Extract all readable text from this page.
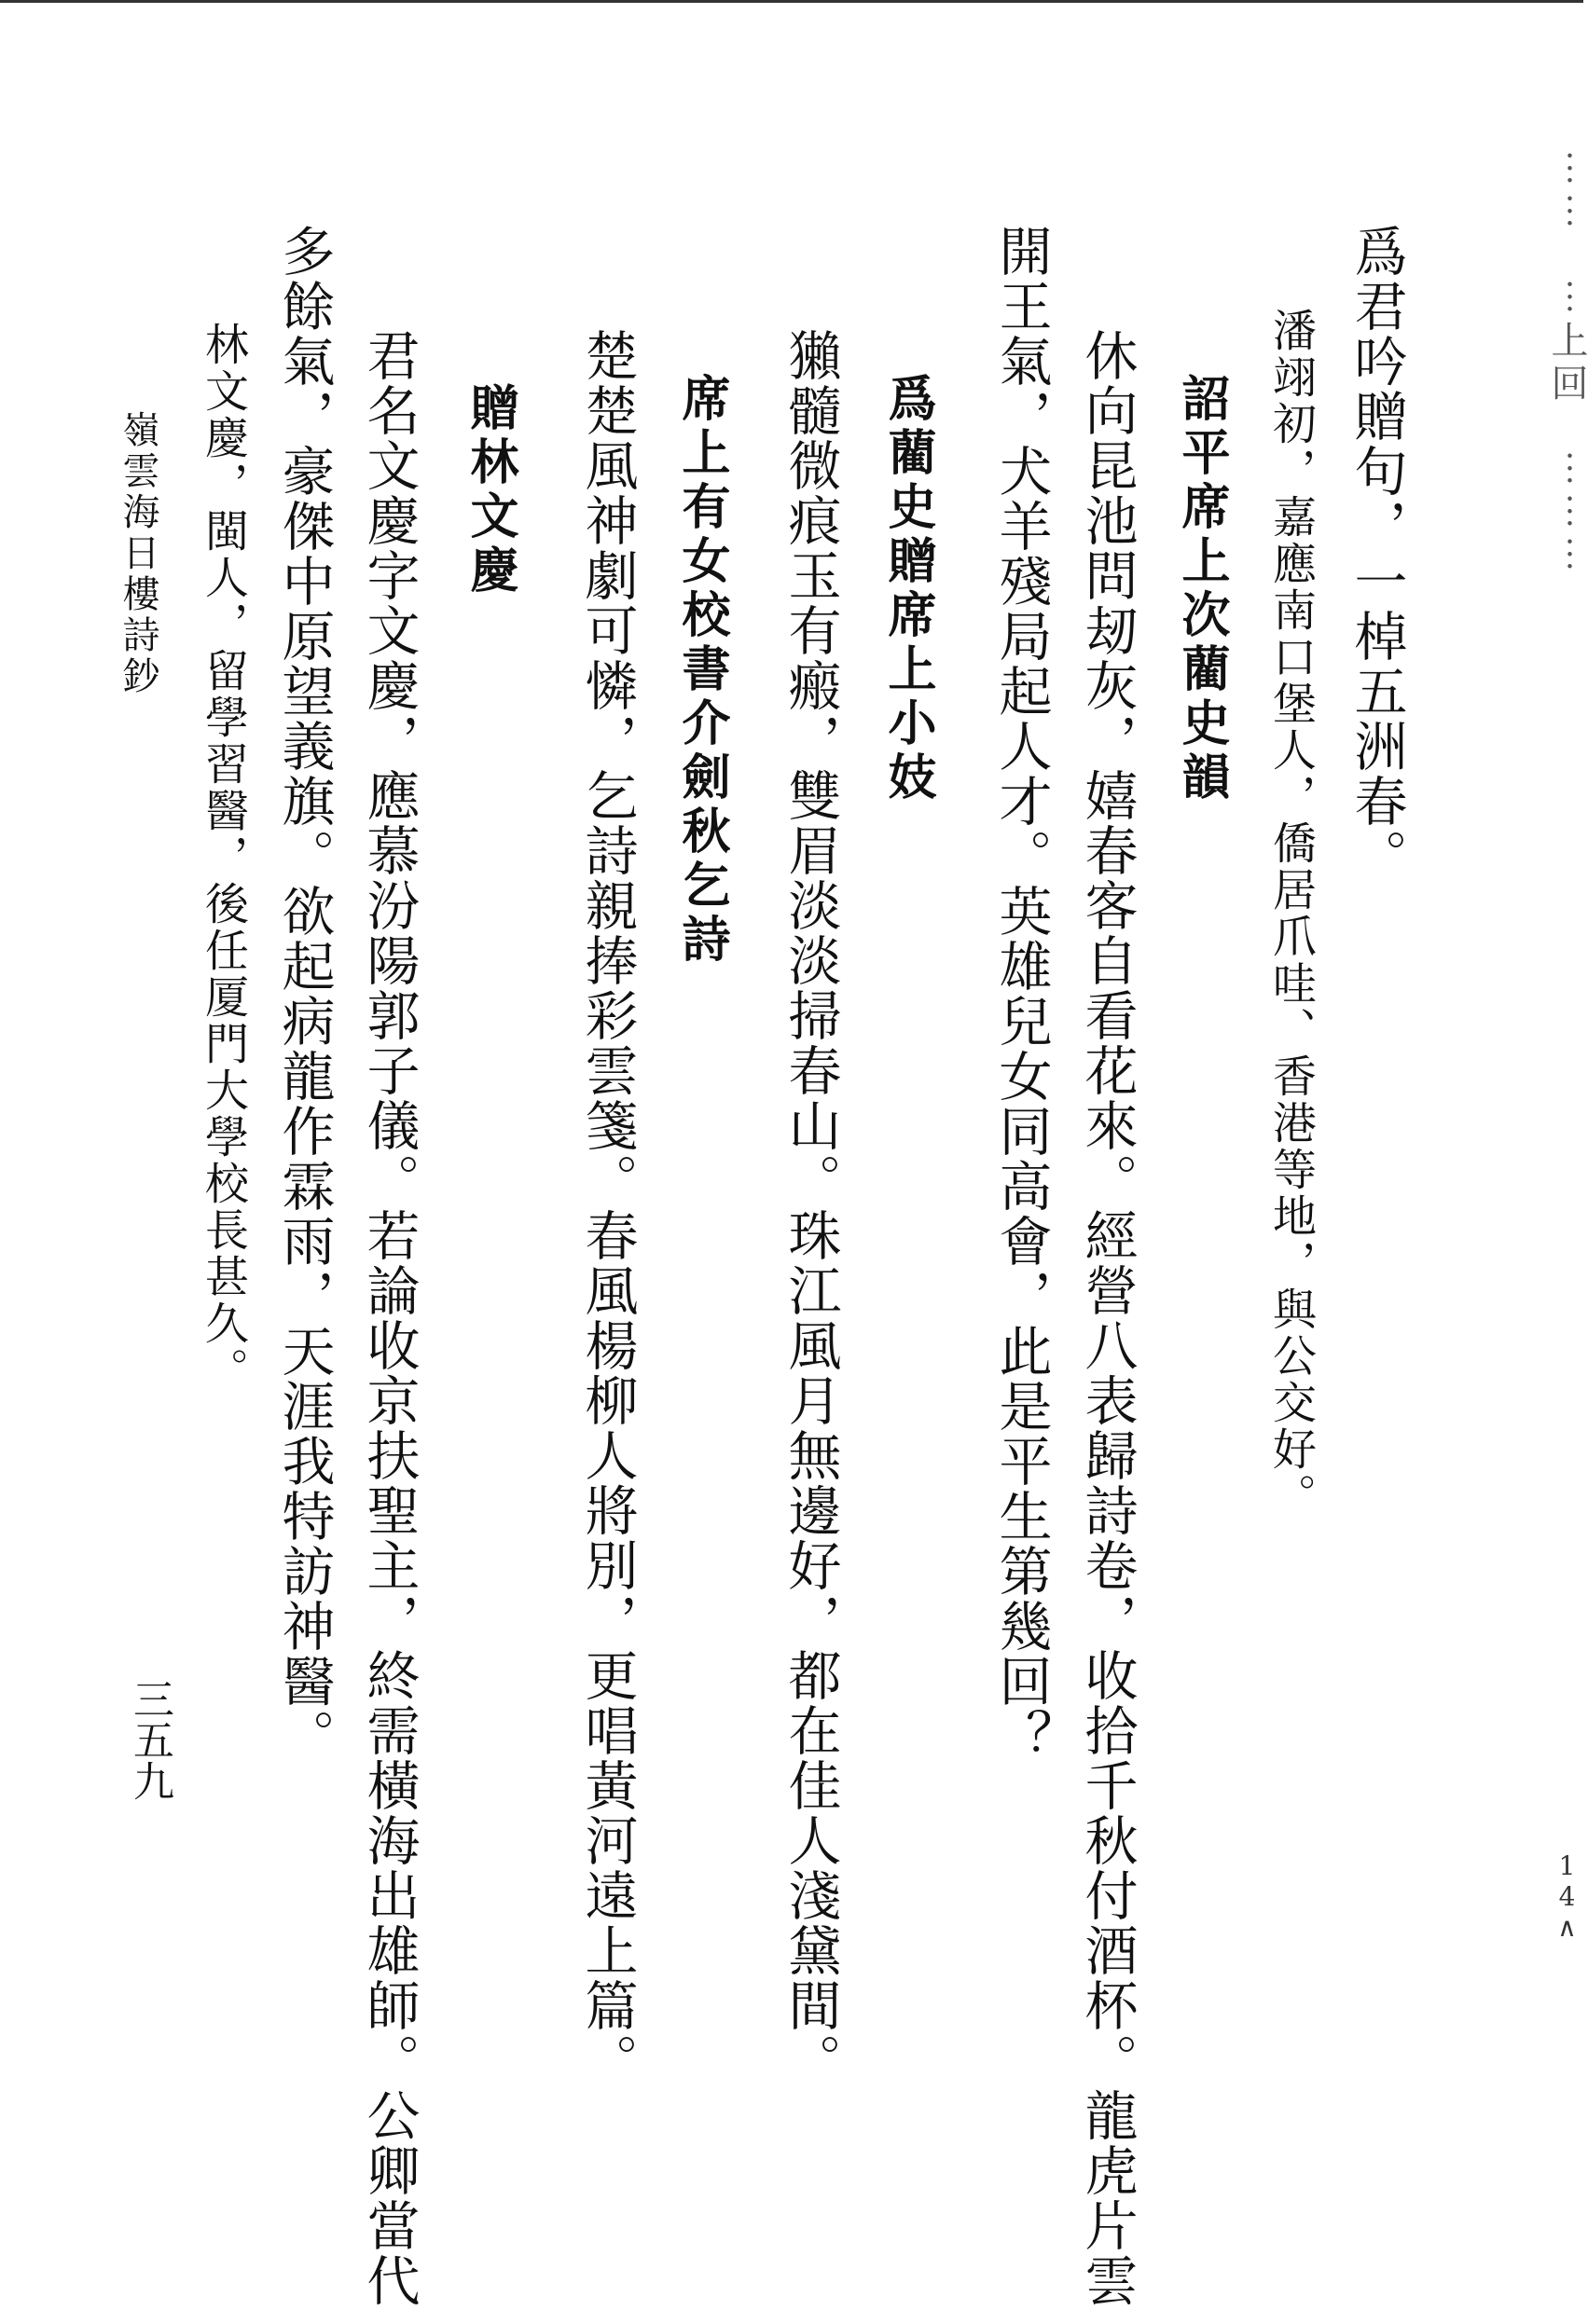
⋯⋯　⋯上回　⋯⋯⋯
14∧
爲君吟贈句，一棹五洲春。
潘翊初，嘉應南口堡人，僑居爪哇、香港等地，與公交好。
詔平席上次藺史韻
休向昆池問刼灰，嬉春客自看花來。經營八表歸詩卷，收拾千秋付酒杯。龍虎片雲
開王氣，犬羊殘局起人才。英雄兒女同高會，此是平生第幾回？
爲藺史贈席上小妓
獺髓微痕玉有瘢，雙眉淡淡掃春山。珠江風月無邊好，都在佳人淺黛間。
席上有女校書介劍秋乞詩
楚楚風神劇可憐，乞詩親捧彩雲箋。春風楊柳人將別，更唱黃河遠上篇。
贈林文慶
君名文慶字文慶，應慕汾陽郭子儀。若論收京扶聖主，終需橫海出雄師。公卿當代
多餘氣，豪傑中原望義旗。欲起病龍作霖雨，天涯我特訪神醫。
林文慶，閩人，留學習醫，後任厦門大學校長甚久。
嶺雲海日樓詩鈔
三五九
